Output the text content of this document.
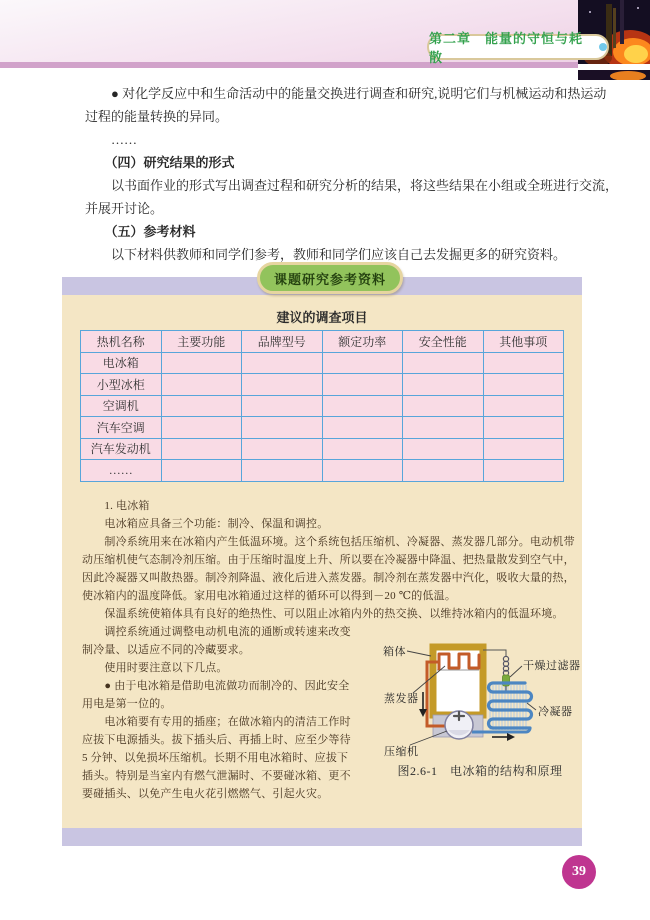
第二章　能量的守恒与耗散
　　● 对化学反应中和生命活动中的能量交换进行调查和研究,说明它们与机械运动和热运动
过程的能量转换的异同。
　　……
　　（四）研究结果的形式
　　以书面作业的形式写出调查过程和研究分析的结果，将这些结果在小组或全班进行交流，
并展开讨论。
　　（五）参考材料
　　以下材料供教师和同学们参考，教师和同学们应该自己去发掘更多的研究资料。
课题研究参考资料
建议的调查项目
热机名称	主要功能	品牌型号	额定功率	安全性能	其他事项
电冰箱					
小型冰柜					
空调机					
汽车空调					
汽车发动机					
……					
　　1. 电冰箱
　　电冰箱应具备三个功能：制冷、保温和调控。
　　制冷系统用来在冰箱内产生低温环境。这个系统包括压缩机、冷凝器、蒸发器几部分。电动机带
动压缩机使气态制冷剂压缩。由于压缩时温度上升、所以要在冷凝器中降温、把热量散发到空气中，
因此冷凝器又叫散热器。制冷剂降温、液化后进入蒸发器。制冷剂在蒸发器中汽化，吸收大量的热，
使冰箱内的温度降低。家用电冰箱通过这样的循环可以得到－20 ℃的低温。
　　保温系统使箱体具有良好的绝热性、可以阻止冰箱内外的热交换、以维持冰箱内的低温环境。
　　调控系统通过调整电动机电流的通断或转速来改变
制冷量、以适应不同的冷藏要求。
　　使用时要注意以下几点。
　　● 由于电冰箱是借助电流做功而制冷的、因此安全
用电是第一位的。
　　电冰箱要有专用的插座；在做冰箱内的清洁工作时
应拔下电源插头。拔下插头后、再插上时、应至少等待
5 分钟、以免损坏压缩机。长期不用电冰箱时、应拔下
插头。特别是当室内有燃气泄漏时、不要碰冰箱、更不
要碰插头、以免产生电火花引燃燃气、引起火灾。
箱体
干燥过滤器
蒸发器
冷凝器
压缩机
图2.6-1　电冰箱的结构和原理
39
